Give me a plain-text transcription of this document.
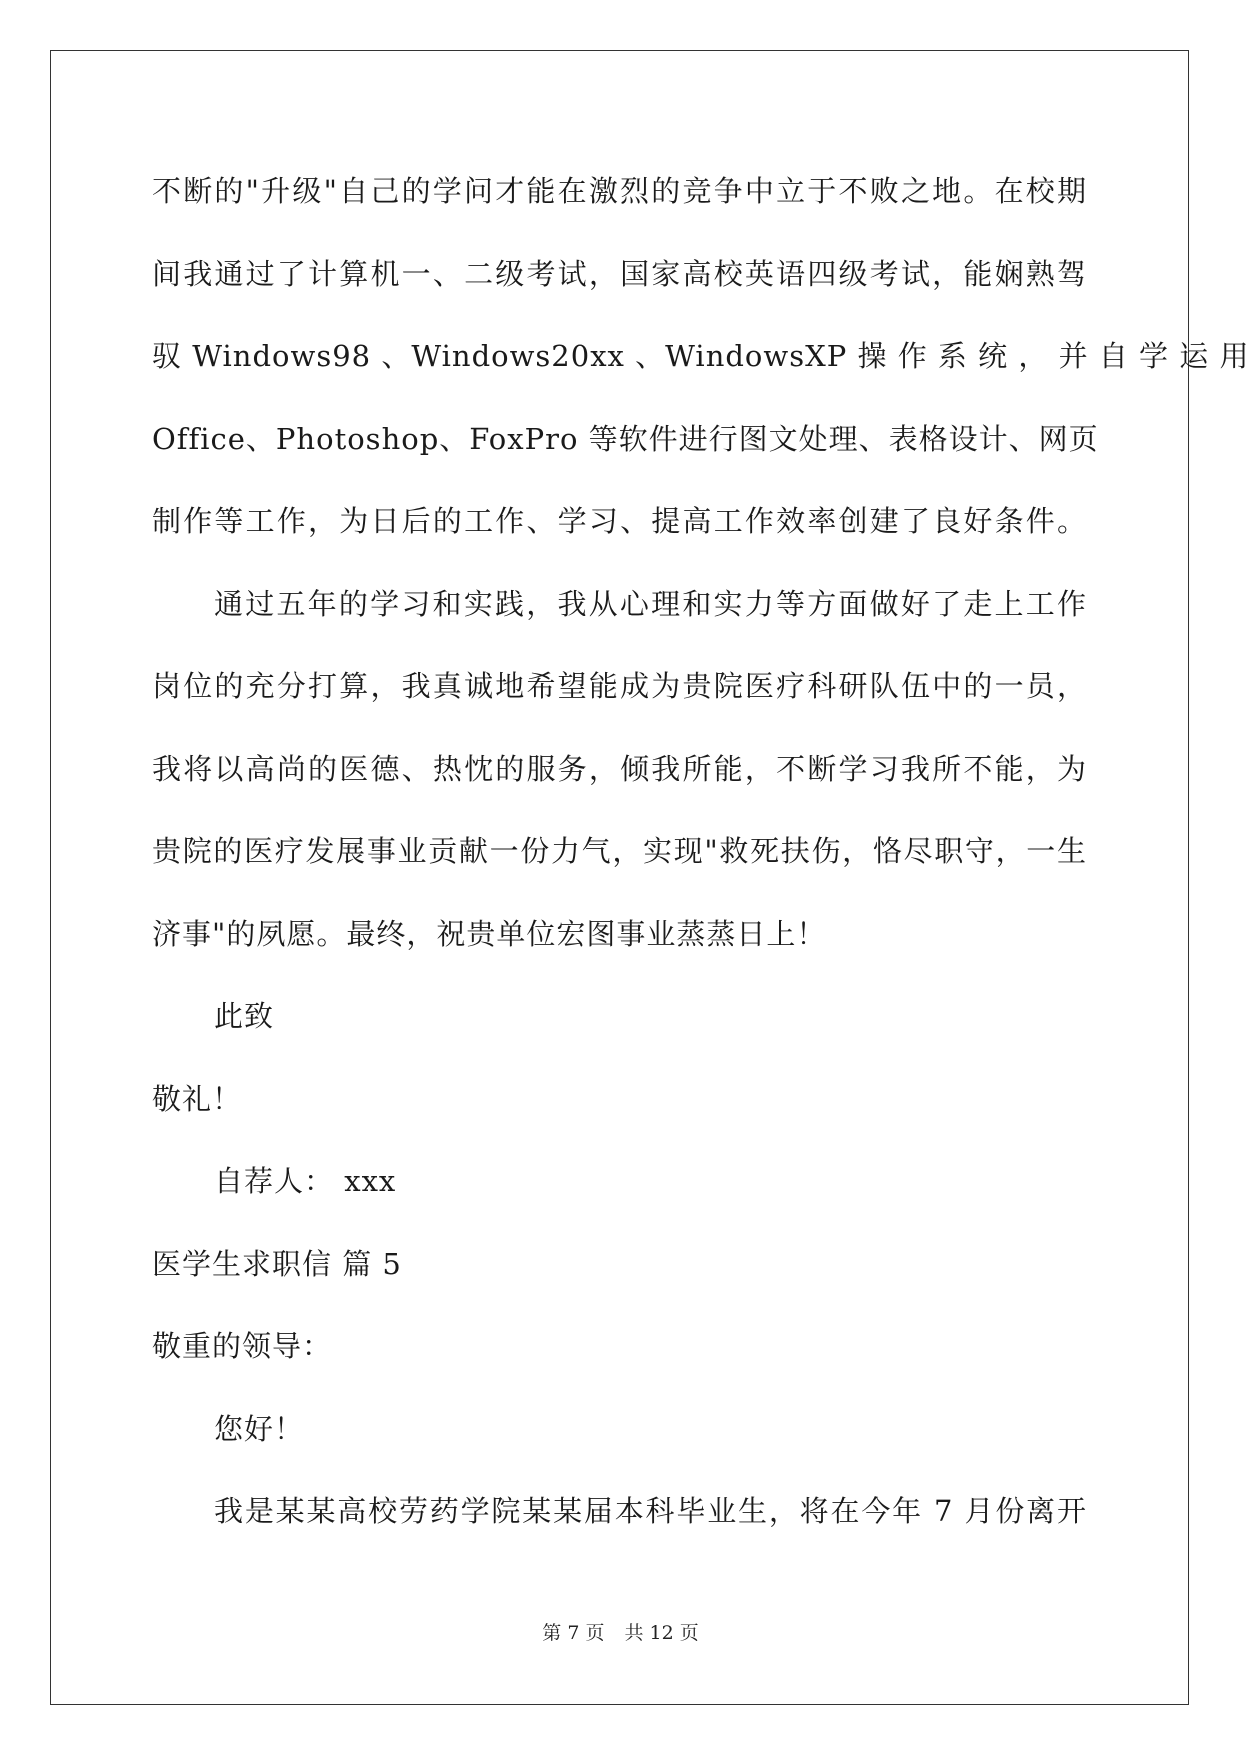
不断的"升级"自己的学问才能在激烈的竞争中立于不败之地。在校期
间我通过了计算机一、二级考试，国家高校英语四级考试，能娴熟驾
驭 Windows98 、Windows20xx 、WindowsXP 操 作 系 统 ， 并 自 学 运 用
Office、Photoshop、FoxPro 等软件进行图文处理、表格设计、网页
制作等工作，为日后的工作、学习、提高工作效率创建了良好条件。
通过五年的学习和实践，我从心理和实力等方面做好了走上工作
岗位的充分打算，我真诚地希望能成为贵院医疗科研队伍中的一员，
我将以高尚的医德、热忱的服务，倾我所能，不断学习我所不能，为
贵院的医疗发展事业贡献一份力气，实现"救死扶伤，恪尽职守，一生
济事"的夙愿。最终，祝贵单位宏图事业蒸蒸日上！
此致
敬礼！
自荐人： xxx
医学生求职信 篇 5
敬重的领导：
您好！
我是某某高校劳药学院某某届本科毕业生，将在今年 7 月份离开
第 7 页 共 12 页
